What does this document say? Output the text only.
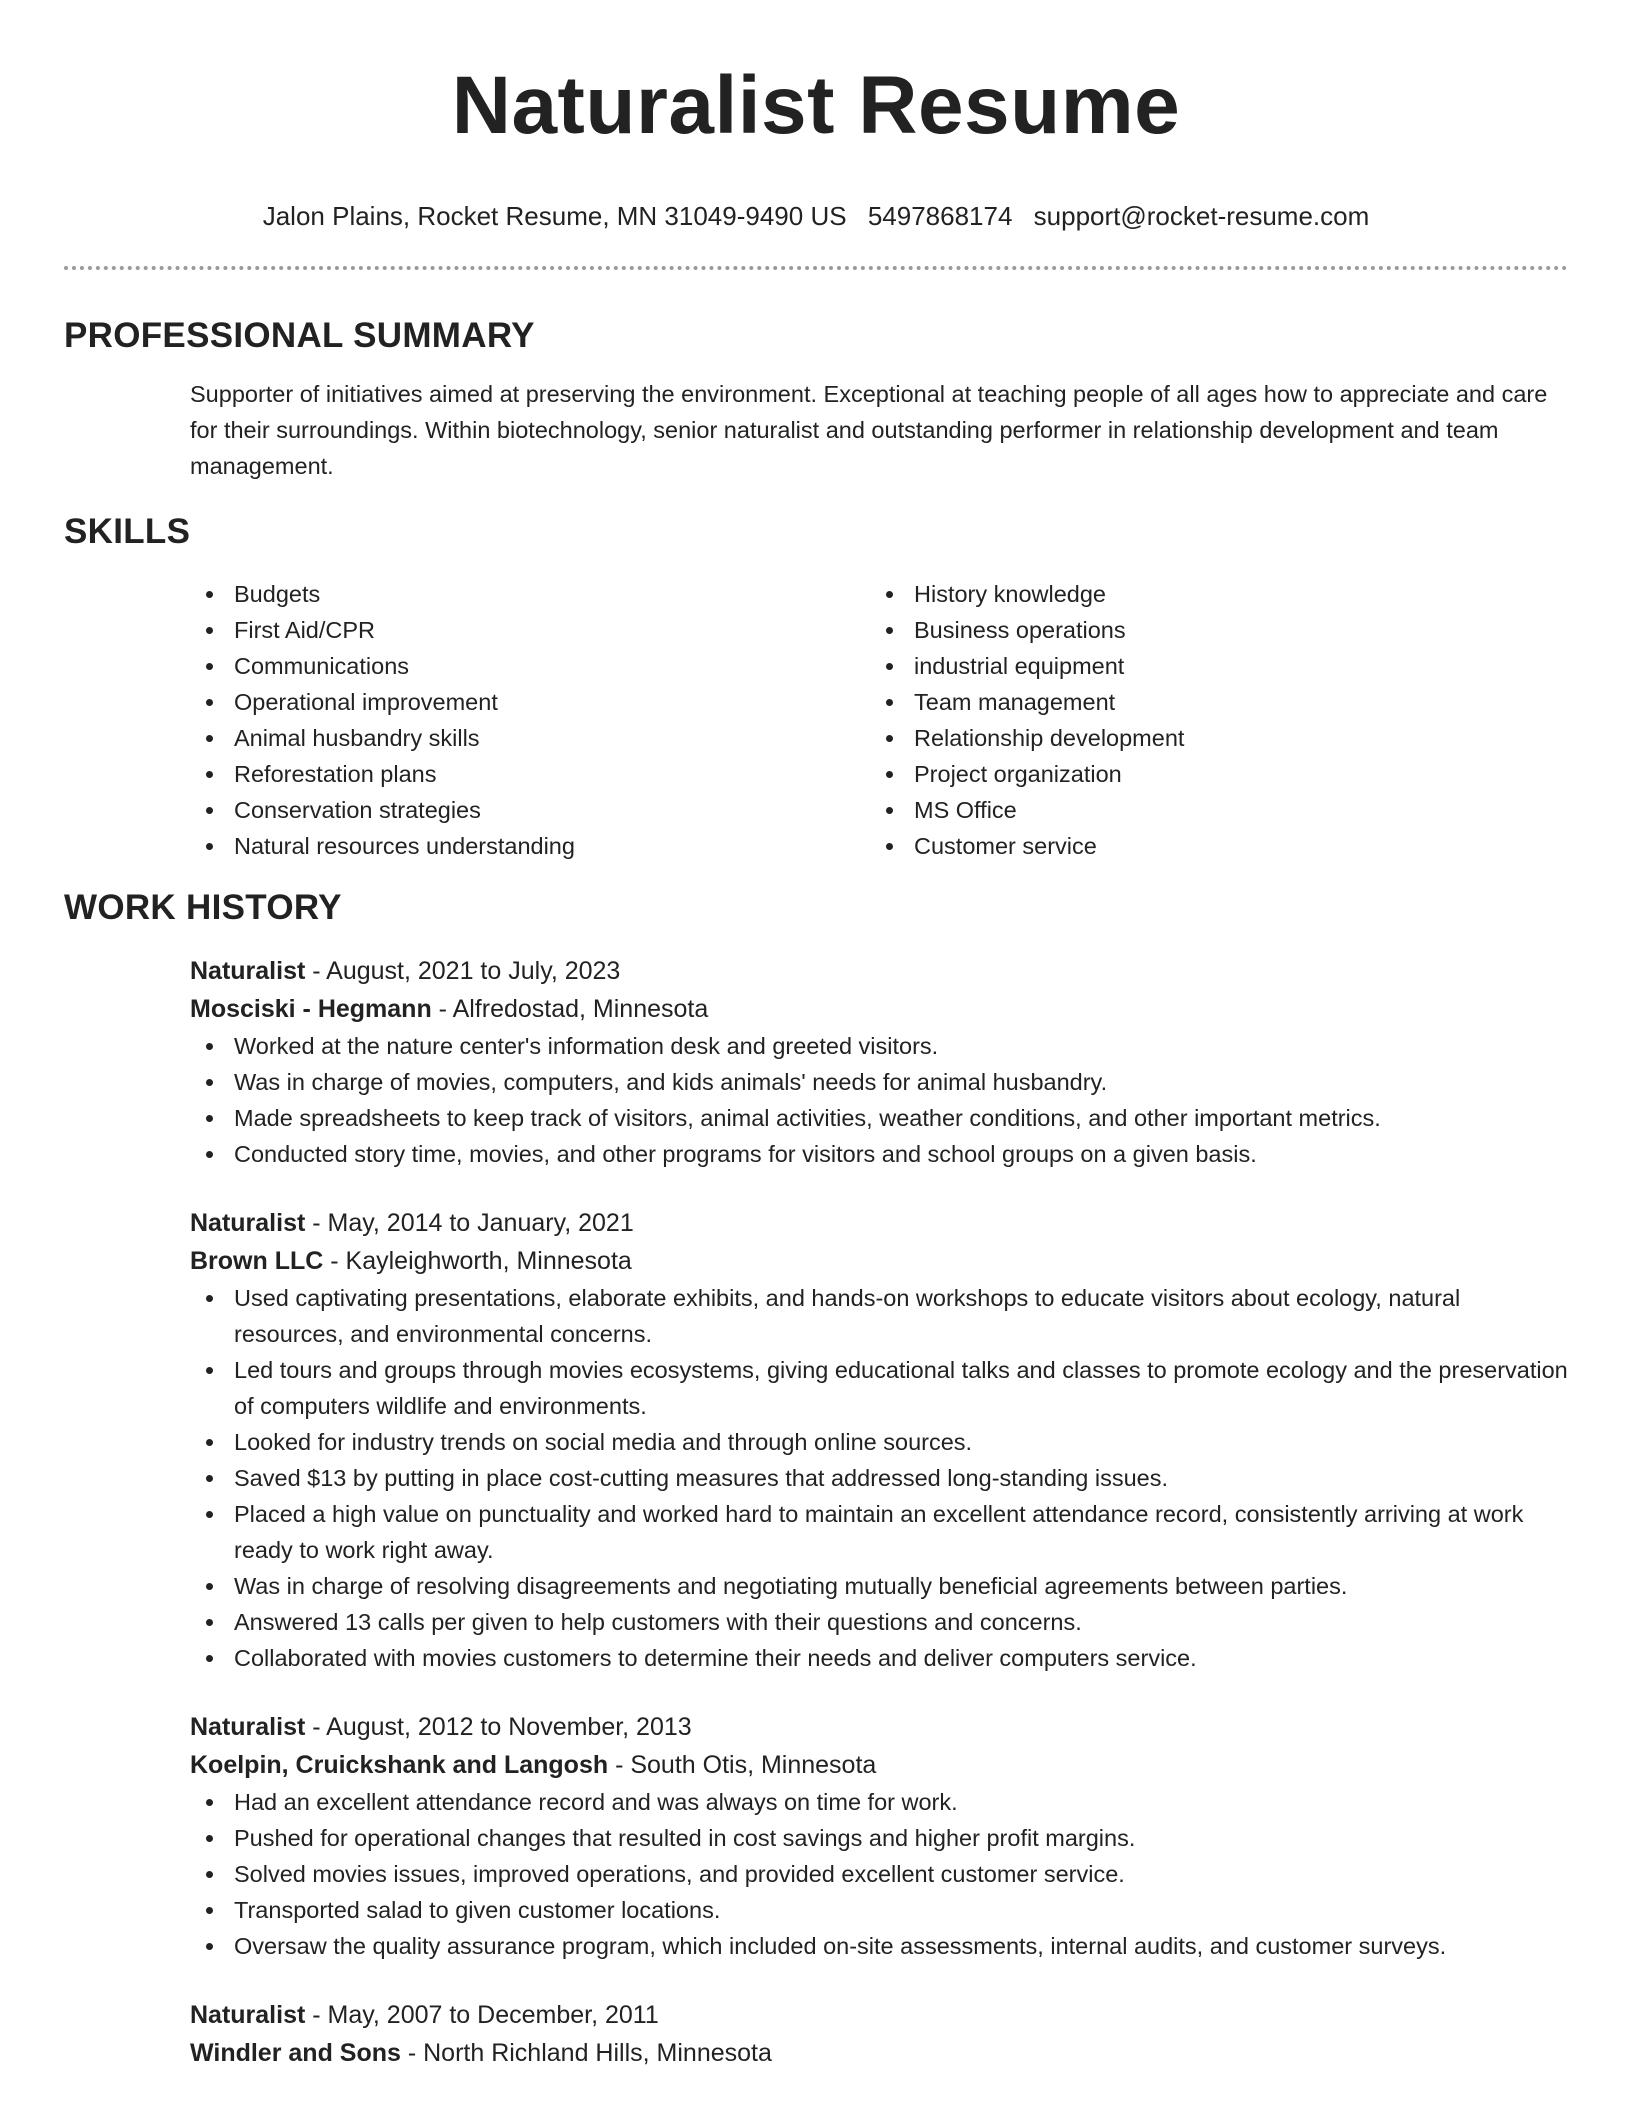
Naturalist Resume
Jalon Plains, Rocket Resume, MN 31049-9490 US 5497868174 support@rocket-resume.com
PROFESSIONAL SUMMARY
Supporter of initiatives aimed at preserving the environment. Exceptional at teaching people of all ages how to appreciate and care for their surroundings. Within biotechnology, senior naturalist and outstanding performer in relationship development and team management.
SKILLS
Budgets
First Aid/CPR
Communications
Operational improvement
Animal husbandry skills
Reforestation plans
Conservation strategies
Natural resources understanding
History knowledge
Business operations
industrial equipment
Team management
Relationship development
Project organization
MS Office
Customer service
WORK HISTORY
Naturalist - August, 2021 to July, 2023
Mosciski - Hegmann - Alfredostad, Minnesota
Worked at the nature center's information desk and greeted visitors.
Was in charge of movies, computers, and kids animals' needs for animal husbandry.
Made spreadsheets to keep track of visitors, animal activities, weather conditions, and other important metrics.
Conducted story time, movies, and other programs for visitors and school groups on a given basis.
Naturalist - May, 2014 to January, 2021
Brown LLC - Kayleighworth, Minnesota
Used captivating presentations, elaborate exhibits, and hands-on workshops to educate visitors about ecology, natural resources, and environmental concerns.
Led tours and groups through movies ecosystems, giving educational talks and classes to promote ecology and the preservation of computers wildlife and environments.
Looked for industry trends on social media and through online sources.
Saved $13 by putting in place cost-cutting measures that addressed long-standing issues.
Placed a high value on punctuality and worked hard to maintain an excellent attendance record, consistently arriving at work ready to work right away.
Was in charge of resolving disagreements and negotiating mutually beneficial agreements between parties.
Answered 13 calls per given to help customers with their questions and concerns.
Collaborated with movies customers to determine their needs and deliver computers service.
Naturalist - August, 2012 to November, 2013
Koelpin, Cruickshank and Langosh - South Otis, Minnesota
Had an excellent attendance record and was always on time for work.
Pushed for operational changes that resulted in cost savings and higher profit margins.
Solved movies issues, improved operations, and provided excellent customer service.
Transported salad to given customer locations.
Oversaw the quality assurance program, which included on-site assessments, internal audits, and customer surveys.
Naturalist - May, 2007 to December, 2011
Windler and Sons - North Richland Hills, Minnesota
